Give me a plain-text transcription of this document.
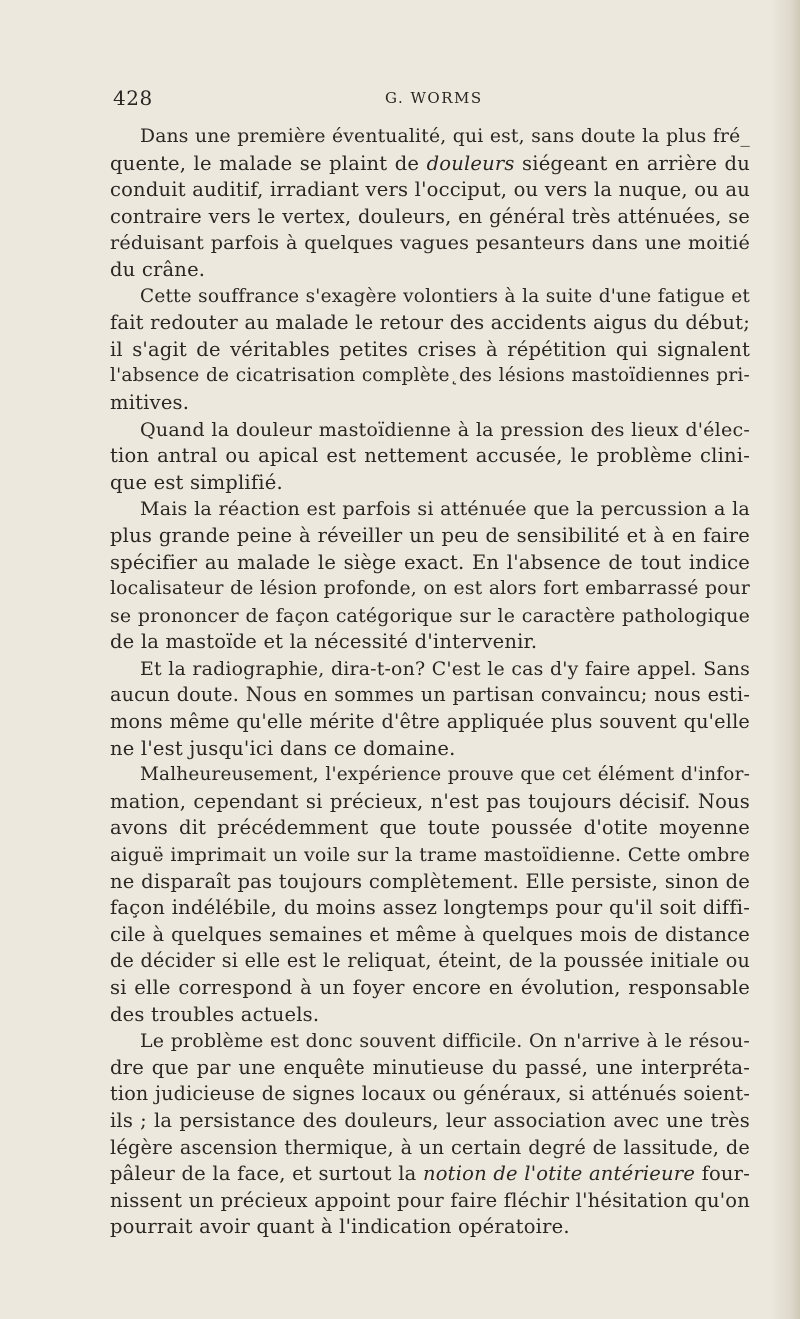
428	G. WORMS
Dans une première éventualité, qui est, sans doute la plus fré_
quente, le malade se plaint de douleurs siégeant en arrière du
conduit auditif, irradiant vers l'occiput, ou vers la nuque, ou au
contraire vers le vertex, douleurs, en général très atténuées, se
réduisant parfois à quelques vagues pesanteurs dans une moitié
du crâne.
Cette souffrance s'exagère volontiers à la suite d'une fatigue et
fait redouter au malade le retour des accidents aigus du début;
il s'agit de véritables petites crises à répétition qui signalent
l'absence de cicatrisation complète˛des lésions mastoïdiennes pri-
mitives.
Quand la douleur mastoïdienne à la pression des lieux d'élec-
tion antral ou apical est nettement accusée, le problème clini-
que est simplifié.
Mais la réaction est parfois si atténuée que la percussion a la
plus grande peine à réveiller un peu de sensibilité et à en faire
spécifier au malade le siège exact. En l'absence de tout indice
localisateur de lésion profonde, on est alors fort embarrassé pour
se prononcer de façon catégorique sur le caractère pathologique
de la mastoïde et la nécessité d'intervenir.
Et la radiographie, dira-t-on? C'est le cas d'y faire appel. Sans
aucun doute. Nous en sommes un partisan convaincu; nous esti-
mons même qu'elle mérite d'être appliquée plus souvent qu'elle
ne l'est jusqu'ici dans ce domaine.
Malheureusement, l'expérience prouve que cet élément d'infor-
mation, cependant si précieux, n'est pas toujours décisif. Nous
avons dit précédemment que toute poussée d'otite moyenne
aiguë imprimait un voile sur la trame mastoïdienne. Cette ombre
ne disparaît pas toujours complètement. Elle persiste, sinon de
façon indélébile, du moins assez longtemps pour qu'il soit diffi-
cile à quelques semaines et même à quelques mois de distance
de décider si elle est le reliquat, éteint, de la poussée initiale ou
si elle correspond à un foyer encore en évolution, responsable
des troubles actuels.
Le problème est donc souvent difficile. On n'arrive à le résou-
dre que par une enquête minutieuse du passé, une interpréta-
tion judicieuse de signes locaux ou généraux, si atténués soient-
ils ; la persistance des douleurs, leur association avec une très
légère ascension thermique, à un certain degré de lassitude, de
pâleur de la face, et surtout la notion de l'otite antérieure four-
nissent un précieux appoint pour faire fléchir l'hésitation qu'on
pourrait avoir quant à l'indication opératoire.
